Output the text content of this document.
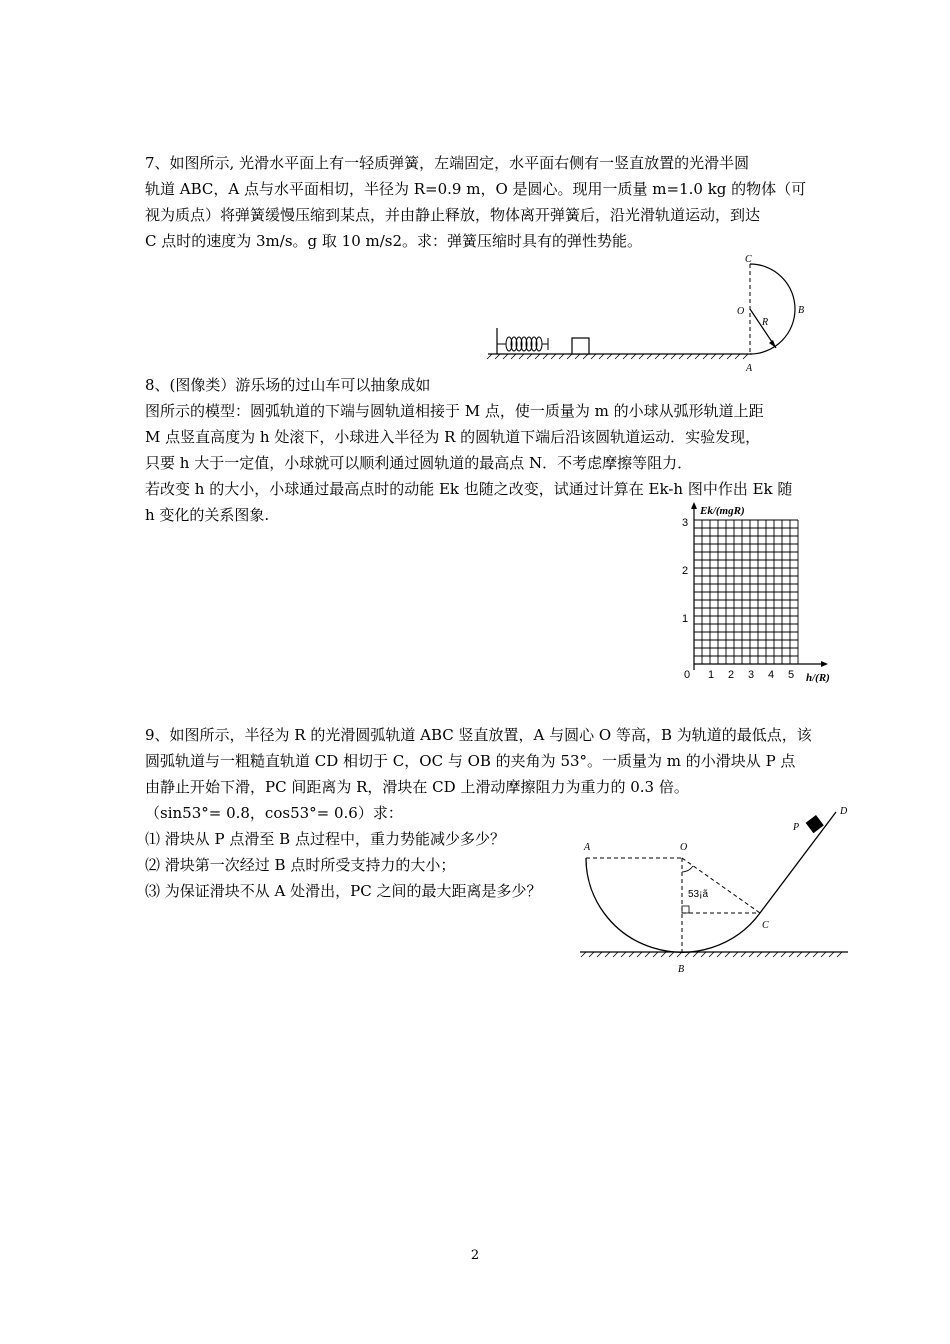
7、如图所示, 光滑水平面上有一轻质弹簧，左端固定，水平面右侧有一竖直放置的光滑半圆
轨道 ABC，A 点与水平面相切，半径为 R=0.9 m，O 是圆心。现用一质量 m=1.0 kg 的物体（可
视为质点）将弹簧缓慢压缩到某点，并由静止释放，物体离开弹簧后，沿光滑轨道运动，到达
C 点时的速度为 3m/s。g 取 10 m/s2。求：弹簧压缩时具有的弹性势能。
C
O
R
B
A
8、(图像类）游乐场的过山车可以抽象成如
图所示的模型：圆弧轨道的下端与圆轨道相接于 M 点，使一质量为 m 的小球从弧形轨道上距
M 点竖直高度为 h 处滚下，小球进入半径为 R 的圆轨道下端后沿该圆轨道运动．实验发现，
只要 h 大于一定值，小球就可以顺利通过圆轨道的最高点 N．不考虑摩擦等阻力．
若改变 h 的大小，小球通过最高点时的动能 Ek 也随之改变，试通过计算在 Ek-h 图中作出 Ek 随
h 变化的关系图象.	Ek/(mgR)
h/(R)
3
2
1
0 1 2 3 4 5
9、如图所示，半径为 R 的光滑圆弧轨道 ABC 竖直放置，A 与圆心 O 等高，B 为轨道的最低点，该
圆弧轨道与一粗糙直轨道 CD 相切于 C，OC 与 OB 的夹角为 53°。一质量为 m 的小滑块从 P 点
由静止开始下滑，PC 间距离为 R，滑块在 CD 上滑动摩擦阻力为重力的 0.3 倍。
（sin53°= 0.8，cos53°= 0.6）求：
⑴ 滑块从 P 点滑至 B 点过程中，重力势能减少多少？
⑵ 滑块第一次经过 B 点时所受支持力的大小；
⑶ 为保证滑块不从 A 处滑出，PC 之间的最大距离是多少？
A	O
P
D
C
B
53¡ã
2
